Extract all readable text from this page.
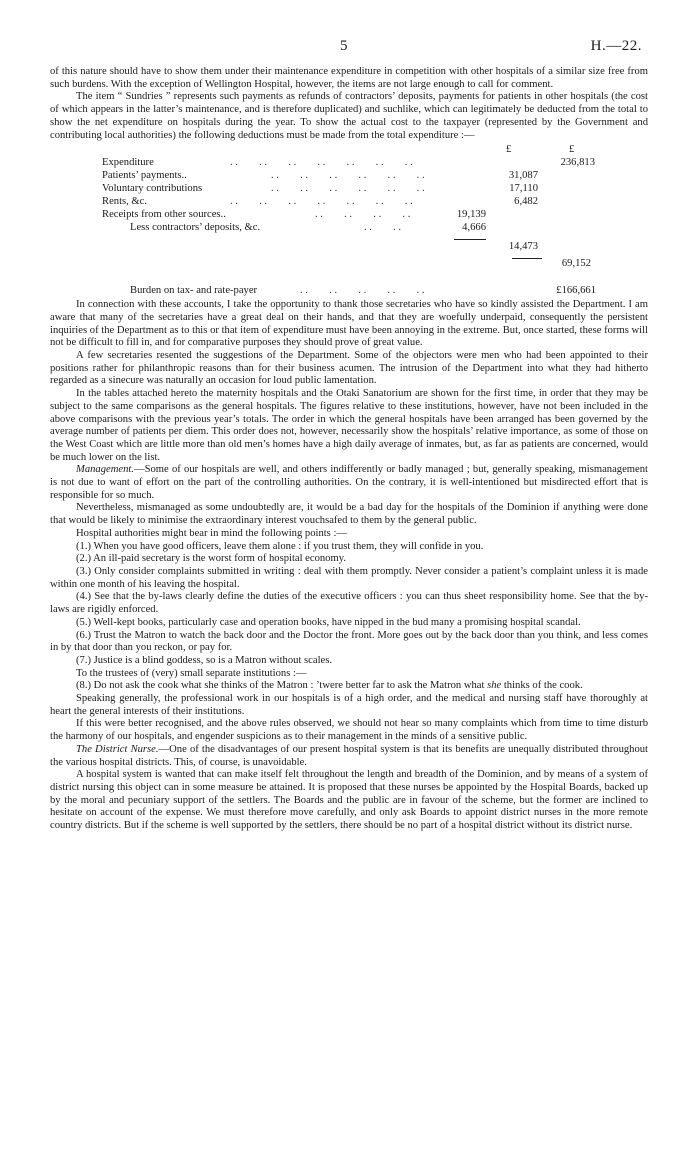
5	H.—22.

of this nature should have to show them under their maintenance expenditure in competition with other hospitals of a similar size free from such burdens. With the exception of Wellington Hospital, however, the items are not large enough to call for comment.

The item “ Sundries ” represents such payments as refunds of contractors’ deposits, payments for patients in other hospitals (the cost of which appears in the latter’s maintenance, and is therefore duplicated) and suchlike, which can legitimately be deducted from the total to show the net expenditure on hospitals during the year. To show the actual cost to the taxpayer (represented by the Government and contributing local authorities) the following deductions must be made from the total expenditure :—

£	£
Expenditure	. .        . .        . .        . .        . .        . .        . .	236,813
Patients’ payments..	. .        . .        . .        . .        . .        . .	31,087
Voluntary contributions	. .        . .        . .        . .        . .        . .	17,110
Rents, &c.	. .        . .        . .        . .        . .        . .        . .	6,482
Receipts from other sources..	. .        . .        . .        . .	19,139
Less contractors’ deposits, &c.	. .        . .	4,666
14,473
69,152
Burden on tax- and rate-payer	. .        . .        . .        . .        . .	£166,661

In connection with these accounts, I take the opportunity to thank those secretaries who have so kindly assisted the Department. I am aware that many of the secretaries have a great deal on their hands, and that they are woefully underpaid, consequently the persistent inquiries of the Department as to this or that item of expenditure must have been annoying in the extreme. But, once started, these forms will not be difficult to fill in, and for comparative purposes they should prove of great value.

A few secretaries resented the suggestions of the Department. Some of the objectors were men who had been appointed to their positions rather for philanthropic reasons than for their business acumen. The intrusion of the Department into what they had hitherto regarded as a sinecure was naturally an occasion for loud public lamentation.

In the tables attached hereto the maternity hospitals and the Otaki Sanatorium are shown for the first time, in order that they may be subject to the same comparisons as the general hospitals. The figures relative to these institutions, however, have not been included in the above comparisons with the previous year’s totals. The order in which the general hospitals have been arranged has been governed by the average number of patients per diem. This order does not, however, necessarily show the hospitals’ relative importance, as some of those on the West Coast which are little more than old men’s homes have a high daily average of inmates, but, as far as patients are concerned, would be much lower on the list.

Management.—Some of our hospitals are well, and others indifferently or badly managed ; but, generally speaking, mismanagement is not due to want of effort on the part of the controlling authorities. On the contrary, it is well-intentioned but misdirected effort that is responsible for so much.

Nevertheless, mismanaged as some undoubtedly are, it would be a bad day for the hospitals of the Dominion if anything were done that would be likely to minimise the extraordinary interest vouchsafed to them by the general public.

Hospital authorities might bear in mind the following points :—

(1.) When you have good officers, leave them alone : if you trust them, they will confide in you.

(2.) An ill-paid secretary is the worst form of hospital economy.

(3.) Only consider complaints submitted in writing : deal with them promptly. Never consider a patient’s complaint unless it is made within one month of his leaving the hospital.

(4.) See that the by-laws clearly define the duties of the executive officers : you can thus sheet responsibility home. See that the by-laws are rigidly enforced.

(5.) Well-kept books, particularly case and operation books, have nipped in the bud many a promising hospital scandal.

(6.) Trust the Matron to watch the back door and the Doctor the front. More goes out by the back door than you think, and less comes in by that door than you reckon, or pay for.

(7.) Justice is a blind goddess, so is a Matron without scales.

To the trustees of (very) small separate institutions :—

(8.) Do not ask the cook what she thinks of the Matron : ’twere better far to ask the Matron what she thinks of the cook.

Speaking generally, the professional work in our hospitals is of a high order, and the medical and nursing staff have thoroughly at heart the general interests of their institutions.

If this were better recognised, and the above rules observed, we should not hear so many complaints which from time to time disturb the harmony of our hospitals, and engender suspicions as to their management in the minds of a sensitive public.

The District Nurse.—One of the disadvantages of our present hospital system is that its benefits are unequally distributed throughout the various hospital districts. This, of course, is unavoidable.

A hospital system is wanted that can make itself felt throughout the length and breadth of the Dominion, and by means of a system of district nursing this object can in some measure be attained. It is proposed that these nurses be appointed by the Hospital Boards, backed up by the moral and pecuniary support of the settlers. The Boards and the public are in favour of the scheme, but the former are inclined to hesitate on account of the expense. We must therefore move carefully, and only ask Boards to appoint district nurses in the more remote country districts. But if the scheme is well supported by the settlers, there should be no part of a hospital district without its district nurse.
